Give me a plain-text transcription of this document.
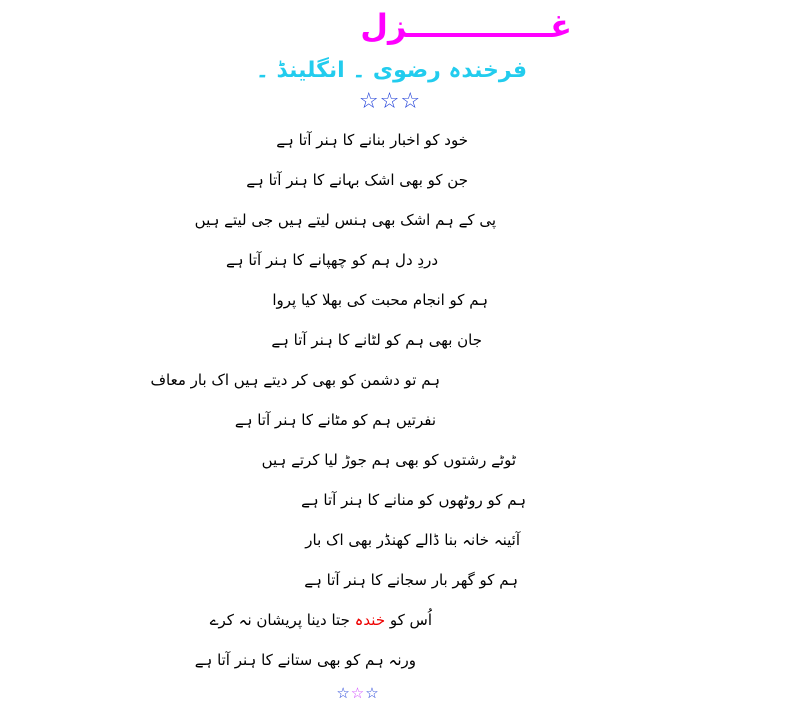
غـــــــــــــزل
فرخندہ رضوی ۔ انگلینڈ ۔
☆☆☆
خود کو اخبار بنانے کا ہنر آتا ہے
جن کو بھی اشک بہانے کا ہنر آتا ہے
پی کے ہم اشک بھی ہنس لیتے ہیں جی لیتے ہیں
دردِ دل ہم کو چھپانے کا ہنر آتا ہے
ہم کو انجام محبت کی بھلا کیا پروا
جان بھی ہم کو لٹانے کا ہنر آتا ہے
ہم تو دشمن کو بھی کر دیتے ہیں اک بار معاف
نفرتیں ہم کو مٹانے کا ہنر آتا ہے
ٹوٹے رشتوں کو بھی ہم جوڑ لیا کرتے ہیں
ہم کو روٹھوں کو منانے کا ہنر آتا ہے
آئینہ خانہ بنا ڈالے کھنڈر بھی اک بار
ہم کو گھر بار سجانے کا ہنر آتا ہے
اُس کو خندہ جتا دینا پریشان نہ کرے
ورنہ ہم کو بھی ستانے کا ہنر آتا ہے
☆☆☆
